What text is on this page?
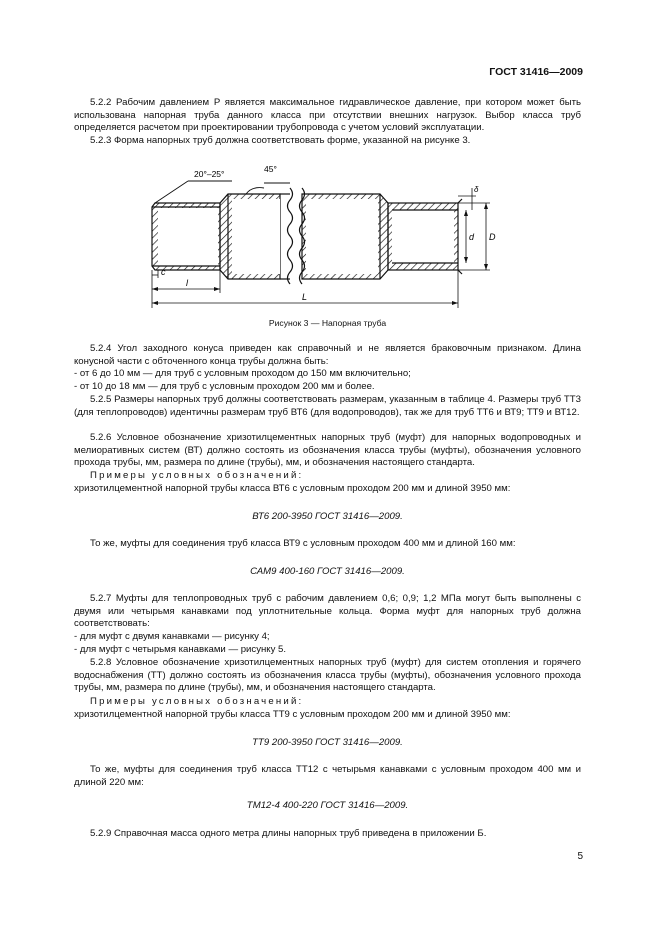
ГОСТ 31416—2009

5.2.2 Рабочим давлением P является максимальное гидравлическое давление, при котором может быть использована напорная труба данного класса при отсутствии внешних нагрузок. Выбор класса труб определяется расчетом при проектировании трубопровода с учетом условий эксплуатации.

5.2.3 Форма напорных труб должна соответствовать форме, указанной на рисунке 3.

20°–25°	45°
c
l
L
δ
d D
Рисунок 3 — Напорная труба

5.2.4 Угол заходного конуса приведен как справочный и не является браковочным признаком. Длина конусной части с обточенного конца трубы должна быть:

- от 6 до 10 мм — для труб с условным проходом до 150 мм включительно;

- от 10 до 18 мм — для труб с условным проходом 200 мм и более.

5.2.5 Размеры напорных труб должны соответствовать размерам, указанным в таблице 4. Размеры труб ТТ3 (для теплопроводов) идентичны размерам труб ВТ6 (для водопроводов), так же для труб ТТ6 и ВТ9; ТТ9 и ВТ12.

5.2.6 Условное обозначение хризотилцементных напорных труб (муфт) для напорных водопроводных и мелиоративных систем (ВТ) должно состоять из обозначения класса трубы (муфты), обозначения условного прохода трубы, мм, размера по длине (трубы), мм, и обозначения настоящего стандарта.

Примеры условных обозначений:

хризотилцементной напорной трубы класса ВТ6 с условным проходом 200 мм и длиной 3950 мм:

ВТ6 200-3950 ГОСТ 31416—2009.

То же, муфты для соединения труб класса ВТ9 с условным проходом 400 мм и длиной 160 мм:

САМ9 400-160 ГОСТ 31416—2009.

5.2.7 Муфты для теплопроводных труб с рабочим давлением 0,6; 0,9; 1,2 МПа могут быть выполнены с двумя или четырьмя канавками под уплотнительные кольца. Форма муфт для напорных труб должна соответствовать:

- для муфт с двумя канавками — рисунку 4;

- для муфт с четырьмя канавками — рисунку 5.

5.2.8 Условное обозначение хризотилцементных напорных труб (муфт) для систем отопления и горячего водоснабжения (ТТ) должно состоять из обозначения класса трубы (муфты), обозначения условного прохода трубы, мм, размера по длине (трубы), мм, и обозначения настоящего стандарта.

Примеры условных обозначений:

хризотилцементной напорной трубы класса ТТ9 с условным проходом 200 мм и длиной 3950 мм:

ТТ9 200-3950 ГОСТ 31416—2009.

То же, муфты для соединения труб класса ТТ12 с четырьмя канавками с условным проходом 400 мм и длиной 220 мм:

ТМ12-4 400-220 ГОСТ 31416—2009.

5.2.9 Справочная масса одного метра длины напорных труб приведена в приложении Б.

5
